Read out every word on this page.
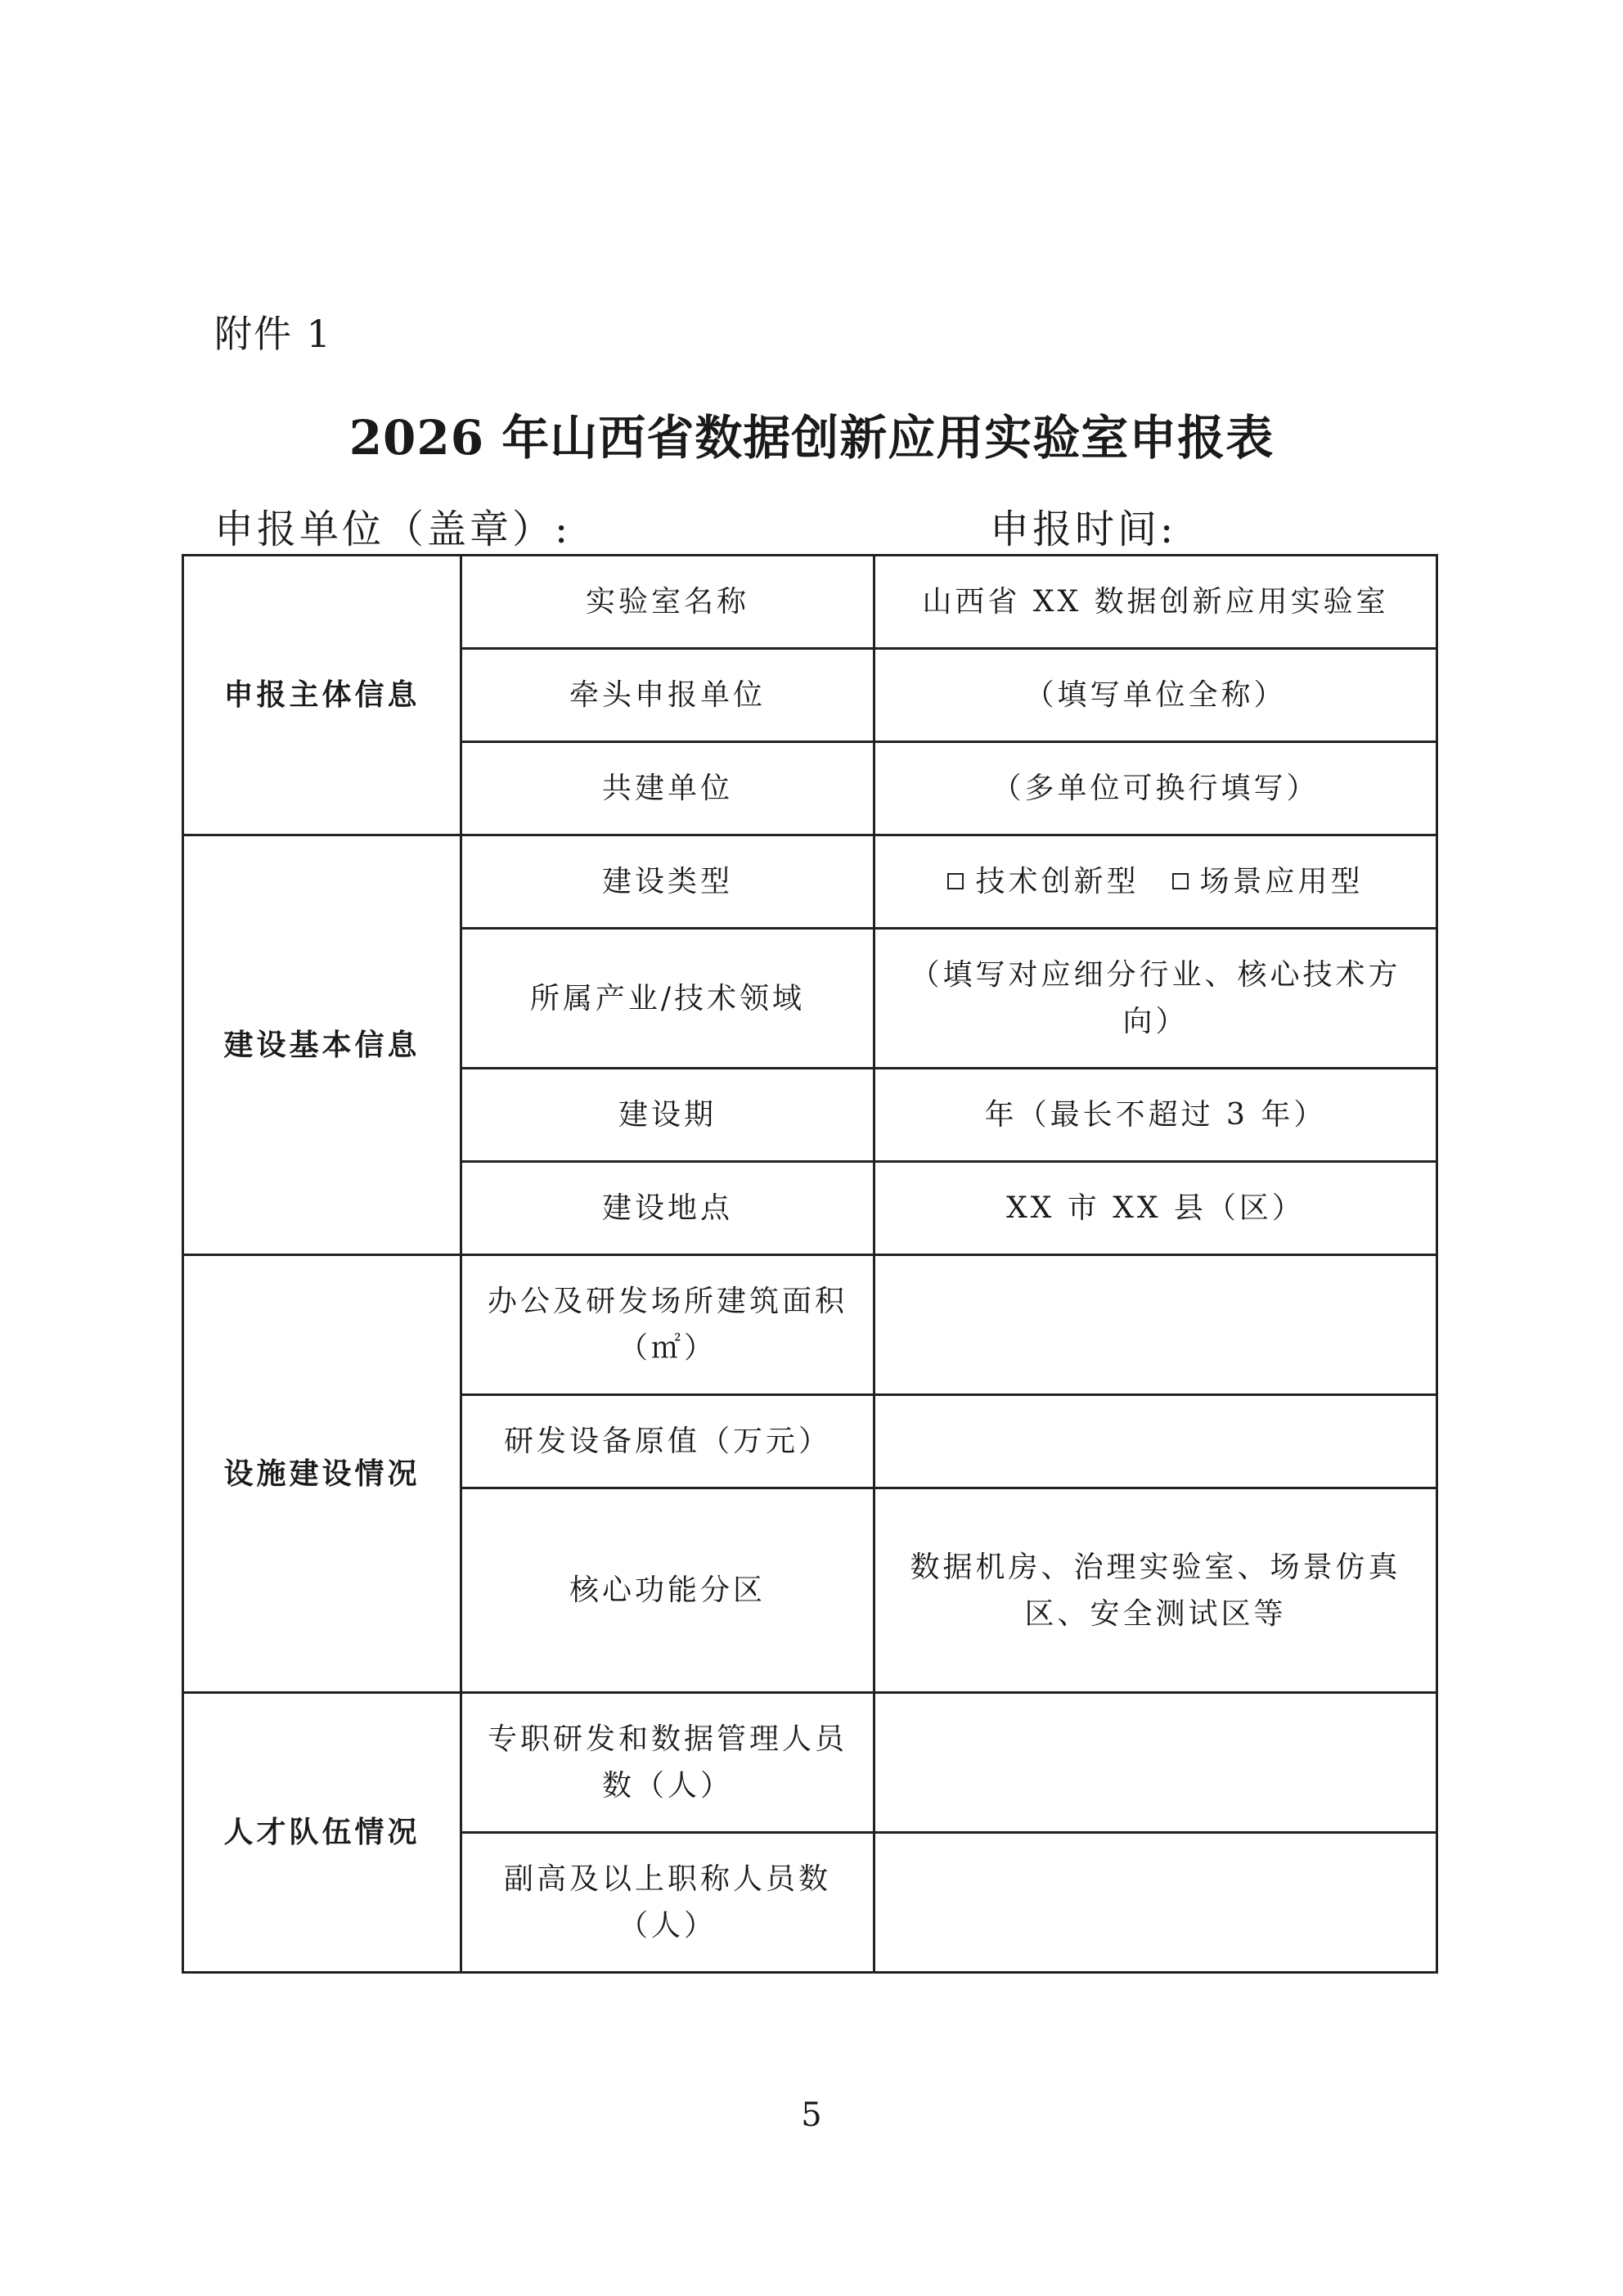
附件 1
2026 年山西省数据创新应用实验室申报表
申报单位（盖章）:	申报时间:
申报主体信息	实验室名称	山西省 XX 数据创新应用实验室
	牵头申报单位	（填写单位全称）
	共建单位	（多单位可换行填写）
建设基本信息	建设类型	技术创新型 场景应用型
	所属产业/技术领域	（填写对应细分行业、核心技术方向）
	建设期	年（最长不超过 3 年）
	建设地点	XX 市 XX 县（区）
设施建设情况	办公及研发场所建筑面积（㎡）	
	研发设备原值（万元）	
	核心功能分区	数据机房、治理实验室、场景仿真区、安全测试区等
人才队伍情况	专职研发和数据管理人员数（人）	
	副高及以上职称人员数（人）	
5
